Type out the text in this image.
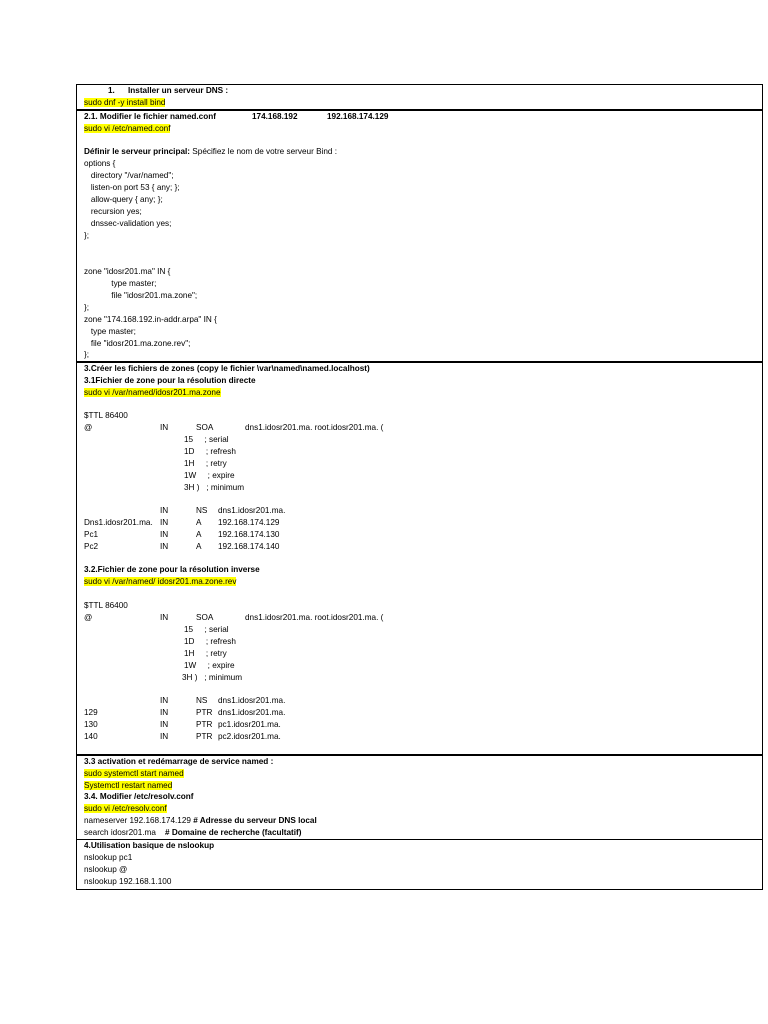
1. Installer un serveur DNS :
sudo dnf -y install bind
2.1. Modifier le fichier named.conf	174.168.192	192.168.174.129
sudo vi /etc/named.conf
Définir le serveur principal: Spécifiez le nom de votre serveur Bind :
options {
directory "/var/named";
listen-on port 53 { any; };
allow-query { any; };
recursion yes;
dnssec-validation yes;
};
zone "idosr201.ma" IN {
type master;
file "idosr201.ma.zone";
};
zone "174.168.192.in-addr.arpa" IN {
type master;
file "idosr201.ma.zone.rev";
};
3.Créer les fichiers de zones (copy le fichier \var\named\named.localhost)
3.1Fichier de zone pour la résolution directe
sudo vi /var/named/idosr201.ma.zone
$TTL 86400
@	IN	SOA	dns1.idosr201.ma. root.idosr201.ma. (
15     ; serial
1D     ; refresh
1H     ; retry
1W     ; expire
3H )   ; minimum
IN	NS dns1.idosr201.ma.
Dns1.idosr201.ma. IN	A 192.168.174.129
Pc1	IN	A 192.168.174.130
Pc2	IN	A 192.168.174.140
3.2.Fichier de zone pour la résolution inverse
sudo vi /var/named/ idosr201.ma.zone.rev
$TTL 86400
@	IN	SOA	dns1.idosr201.ma. root.idosr201.ma. (
15     ; serial
1D     ; refresh
1H     ; retry
1W     ; expire
3H )   ; minimum
IN	NS dns1.idosr201.ma.
129	IN	PTR dns1.idosr201.ma.
130	IN	PTR pc1.idosr201.ma.
140	IN	PTR pc2.idosr201.ma.
3.3 activation et redémarrage de service named :
sudo systemctl start named
Systemctl restart named
3.4. Modifier /etc/resolv.conf
sudo vi /etc/resolv.conf
nameserver 192.168.174.129 # Adresse du serveur DNS local
search idosr201.ma    # Domaine de recherche (facultatif)
4.Utilisation basique de nslookup
nslookup pc1
nslookup @
nslookup 192.168.1.100
